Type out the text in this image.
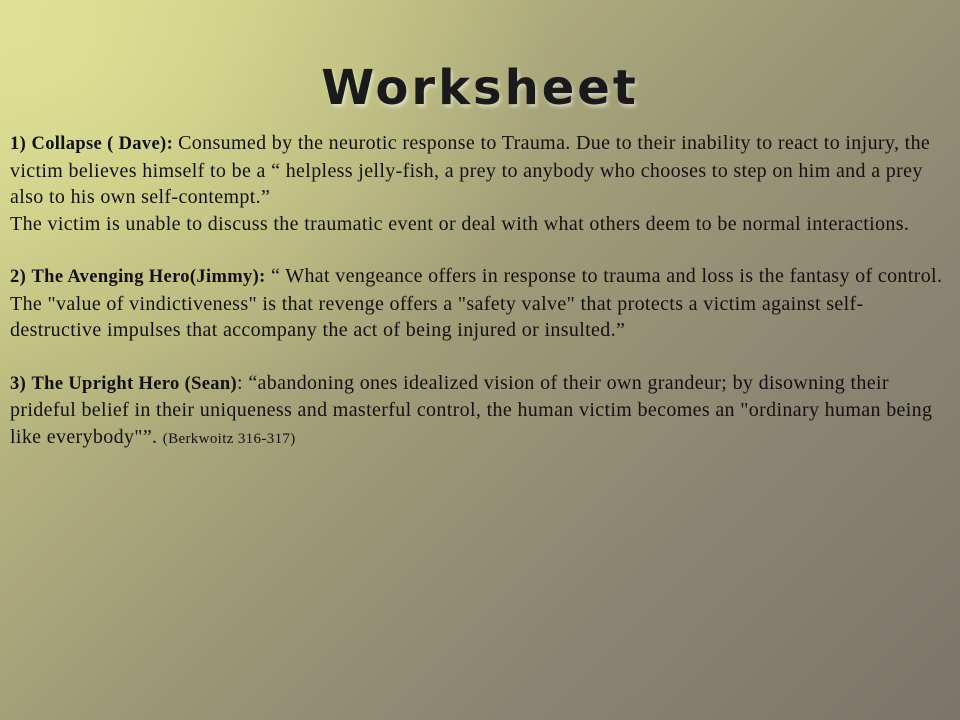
Worksheet

1) Collapse ( Dave): Consumed by the neurotic response to Trauma. Due to their inability to react to injury, the victim believes himself to be a “ helpless jelly-fish, a prey to anybody who chooses to step on him and a prey also to his own self-contempt.”
The victim is unable to discuss the traumatic event or deal with what others deem to be normal interactions.

2) The Avenging Hero(Jimmy): “ What vengeance offers in response to trauma and loss is the fantasy of control. The "value of vindictiveness" is that revenge offers a "safety valve" that protects a victim against self-destructive impulses that accompany the act of being injured or insulted.”

3) The Upright Hero (Sean): “abandoning ones idealized vision of their own grandeur; by disowning their prideful belief in their uniqueness and masterful control, the human victim becomes an "ordinary human being like everybody"”. (Berkwoitz 316-317)
